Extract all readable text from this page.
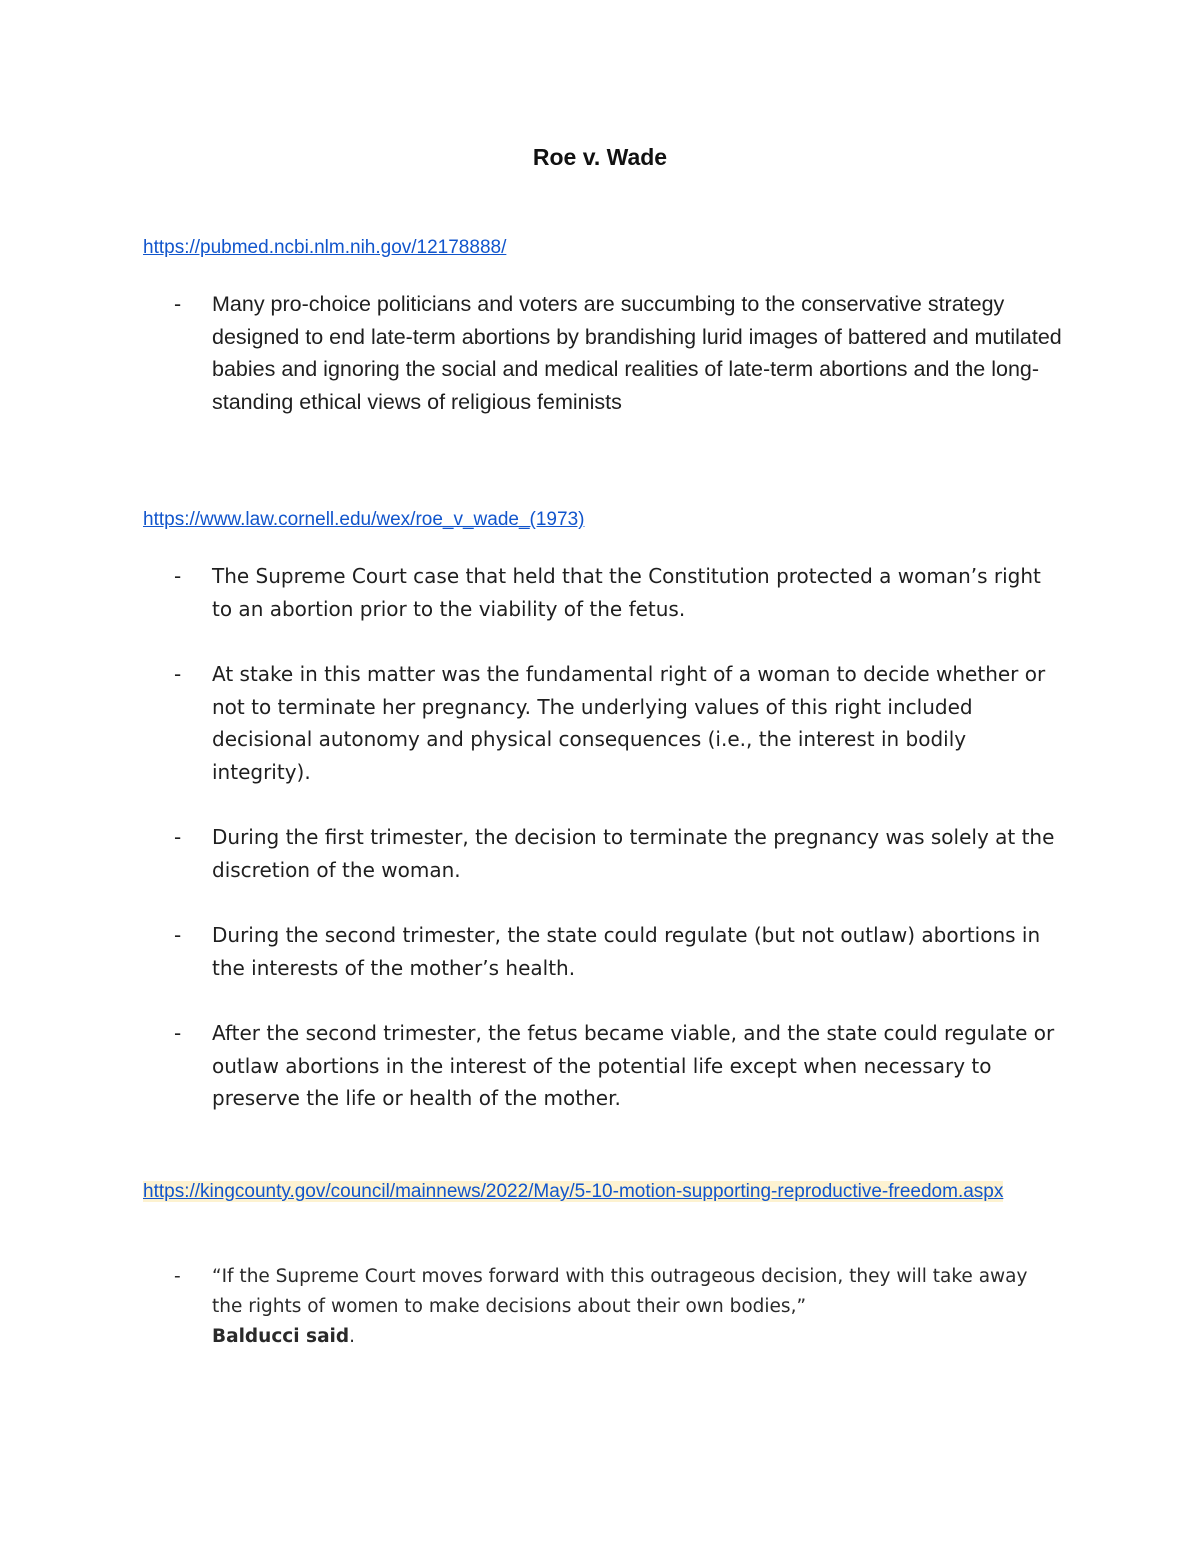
Roe v. Wade
https://pubmed.ncbi.nlm.nih.gov/12178888/
- Many pro-choice politicians and voters are succumbing to the conservative strategy designed to end late-term abortions by brandishing lurid images of battered and mutilated babies and ignoring the social and medical realities of late-term abortions and the long-standing ethical views of religious feminists
https://www.law.cornell.edu/wex/roe_v_wade_(1973)
- The Supreme Court case that held that the Constitution protected a woman’s right to an abortion prior to the viability of the fetus.
- At stake in this matter was the fundamental right of a woman to decide whether or not to terminate her pregnancy. The underlying values of this right included decisional autonomy and physical consequences (i.e., the interest in bodily integrity).
- During the first trimester, the decision to terminate the pregnancy was solely at the discretion of the woman.
- During the second trimester, the state could regulate (but not outlaw) abortions in the interests of the mother’s health.
- After the second trimester, the fetus became viable, and the state could regulate or outlaw abortions in the interest of the potential life except when necessary to preserve the life or health of the mother.
https://kingcounty.gov/council/mainnews/2022/May/5-10-motion-supporting-reproductive-freedom.aspx
- “If the Supreme Court moves forward with this outrageous decision, they will take away the rights of women to make decisions about their own bodies,”
Balducci said.
